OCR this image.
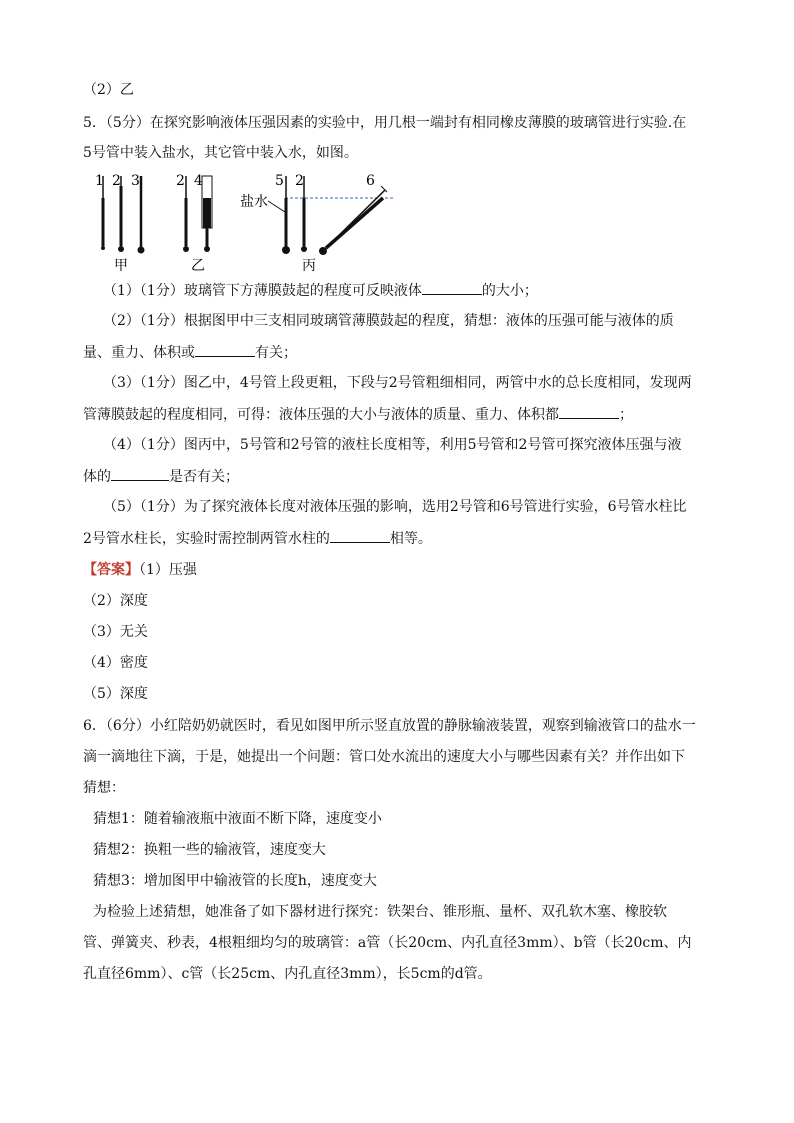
（2）乙
5．（5分）在探究影响液体压强因素的实验中，用几根一端封有相同橡皮薄膜的玻璃管进行实验.在
5号管中装入盐水，其它管中装入水，如图。
1 2 3
甲
2 4
乙
5 2	6
盐水
丙
（1）（1分）玻璃管下方薄膜鼓起的程度可反映液体	的大小；
（2）（1分）根据图甲中三支相同玻璃管薄膜鼓起的程度，猜想：液体的压强可能与液体的质
量、重力、体积或	有关；
（3）（1分）图乙中，4号管上段更粗，下段与2号管粗细相同，两管中水的总长度相同，发现两
管薄膜鼓起的程度相同，可得：液体压强的大小与液体的质量、重力、体积都	；
（4）（1分）图丙中，5号管和2号管的液柱长度相等，利用5号管和2号管可探究液体压强与液
体的	是否有关；
（5）（1分）为了探究液体长度对液体压强的影响，选用2号管和6号管进行实验，6号管水柱比
2号管水柱长，实验时需控制两管水柱的	相等。
【答案】（1）压强
（2）深度
（3）无关
（4）密度
（5）深度
6．（6分）小红陪奶奶就医时，看见如图甲所示竖直放置的静脉输液装置，观察到输液管口的盐水一
滴一滴地往下滴，于是，她提出一个问题：管口处水流出的速度大小与哪些因素有关？并作出如下
猜想：
猜想1：随着输液瓶中液面不断下降，速度变小
猜想2：换粗一些的输液管，速度变大
猜想3：增加图甲中输液管的长度h，速度变大
为检验上述猜想，她准备了如下器材进行探究：铁架台、锥形瓶、量杯、双孔软木塞、橡胶软
管、弹簧夹、秒表，4根粗细均匀的玻璃管：a管（长20cm、内孔直径3mm）、b管（长20cm、内
孔直径6mm）、c管（长25cm、内孔直径3mm），长5cm的d管。
